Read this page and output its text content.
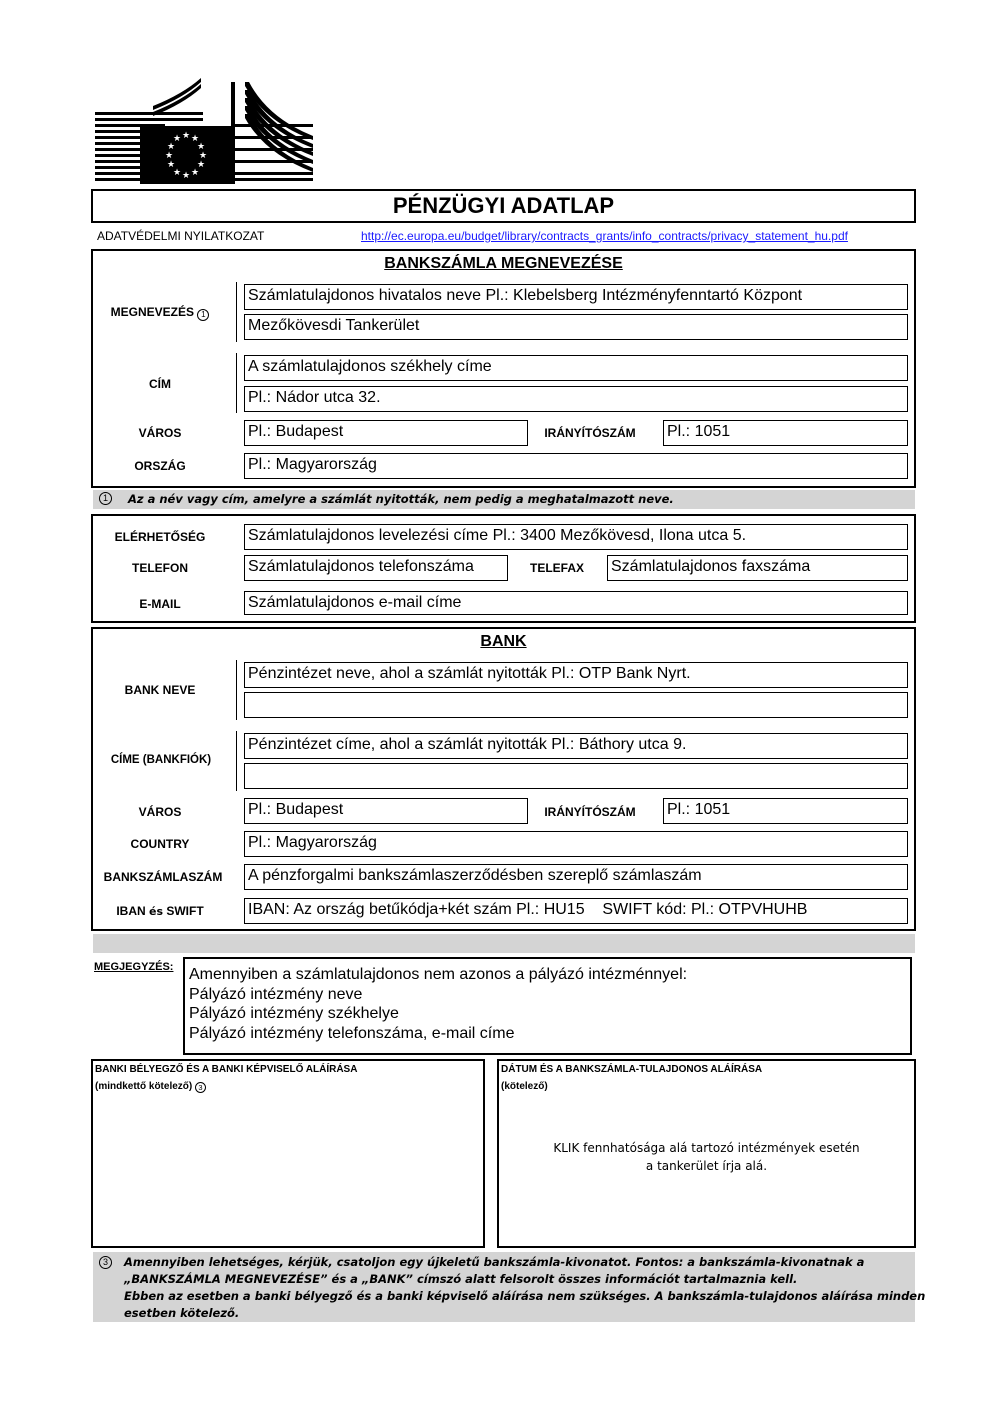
★ ★
★
★
★
★
★
★
★
★
★
★
PÉNZÜGYI ADATLAP
ADATVÉDELMI NYILATKOZAT	http://ec.europa.eu/budget/library/contracts_grants/info_contracts/privacy_statement_hu.pdf
BANKSZÁMLA MEGNEVEZÉSE
MEGNEVEZÉS 1
Számlatulajdonos hivatalos neve Pl.: Klebelsberg Intézményfenntartó Központ
Mezőkövesdi Tankerület
CÍM
A számlatulajdonos székhely címe
Pl.: Nádor utca 32.
VÁROS	Pl.: Budapest	IRÁNYÍTÓSZÁM	Pl.: 1051
ORSZÁG	Pl.: Magyarország
1	Az a név vagy cím, amelyre a számlát nyitották, nem pedig a meghatalmazott neve.
ELÉRHETŐSÉG	Számlatulajdonos levelezési címe Pl.: 3400 Mezőkövesd, Ilona utca 5.
TELEFON	Számlatulajdonos telefonszáma	TELEFAX	Számlatulajdonos faxszáma
E-MAIL	Számlatulajdonos e-mail címe
BANK
BANK NEVE
Pénzintézet neve, ahol a számlát nyitották Pl.: OTP Bank Nyrt.
CÍME (BANKFIÓK)
Pénzintézet címe, ahol a számlát nyitották Pl.: Báthory utca 9.
VÁROS	Pl.: Budapest	IRÁNYÍTÓSZÁM	Pl.: 1051
COUNTRY	Pl.: Magyarország
BANKSZÁMLASZÁM	A pénzforgalmi bankszámlaszerződésben szereplő számlaszám
IBAN és SWIFT	IBAN: Az ország betűkódja+két szám Pl.: HU15    SWIFT kód: Pl.: OTPVHUHB
MEGJEGYZÉS: Amennyiben a számlatulajdonos nem azonos a pályázó intézménnyel:
Pályázó intézmény neve
Pályázó intézmény székhelye
Pályázó intézmény telefonszáma, e-mail címe
BANKI BÉLYEGZŐ ÉS A BANKI KÉPVISELŐ ALÁÍRÁSA
(mindkettő kötelező) 3
DÁTUM ÉS A BANKSZÁMLA-TULAJDONOS ALÁÍRÁSA
(kötelező)
KLIK fennhatósága alá tartozó intézmények esetén
a tankerület írja alá.
3	Amennyiben lehetséges, kérjük, csatoljon egy újkeletű bankszámla-kivonatot. Fontos: a bankszámla-kivonatnak a
„BANKSZÁMLA MEGNEVEZÉSE” és a „BANK” címszó alatt felsorolt összes információt tartalmaznia kell.
Ebben az esetben a banki bélyegző és a banki képviselő aláírása nem szükséges. A bankszámla-tulajdonos aláírása minden
esetben kötelező.
